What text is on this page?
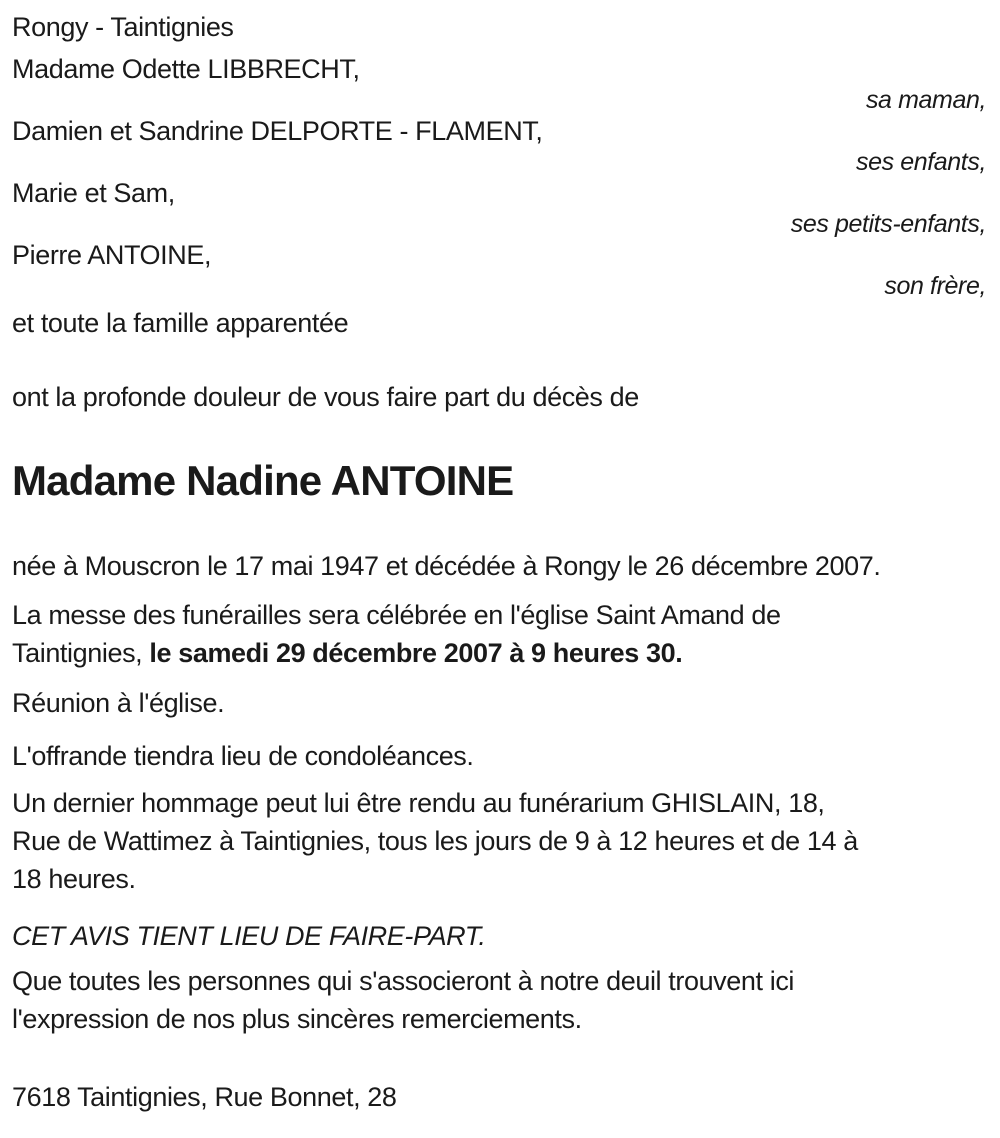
Rongy - Taintignies

Madame Odette LIBBRECHT,

sa maman,

Damien et Sandrine DELPORTE - FLAMENT,

ses enfants,

Marie et Sam,

ses petits-enfants,

Pierre ANTOINE,

son frère,

et toute la famille apparentée

ont la profonde douleur de vous faire part du décès de

Madame Nadine ANTOINE

née à Mouscron le 17 mai 1947 et décédée à Rongy le 26 décembre 2007.

La messe des funérailles sera célébrée en l'église Saint Amand de

Taintignies, le samedi 29 décembre 2007 à 9 heures 30.

Réunion à l'église.

L'offrande tiendra lieu de condoléances.

Un dernier hommage peut lui être rendu au funérarium GHISLAIN, 18,

Rue de Wattimez à Taintignies, tous les jours de 9 à 12 heures et de 14 à

18 heures.

CET AVIS TIENT LIEU DE FAIRE-PART.

Que toutes les personnes qui s'associeront à notre deuil trouvent ici

l'expression de nos plus sincères remerciements.

7618 Taintignies, Rue Bonnet, 28
